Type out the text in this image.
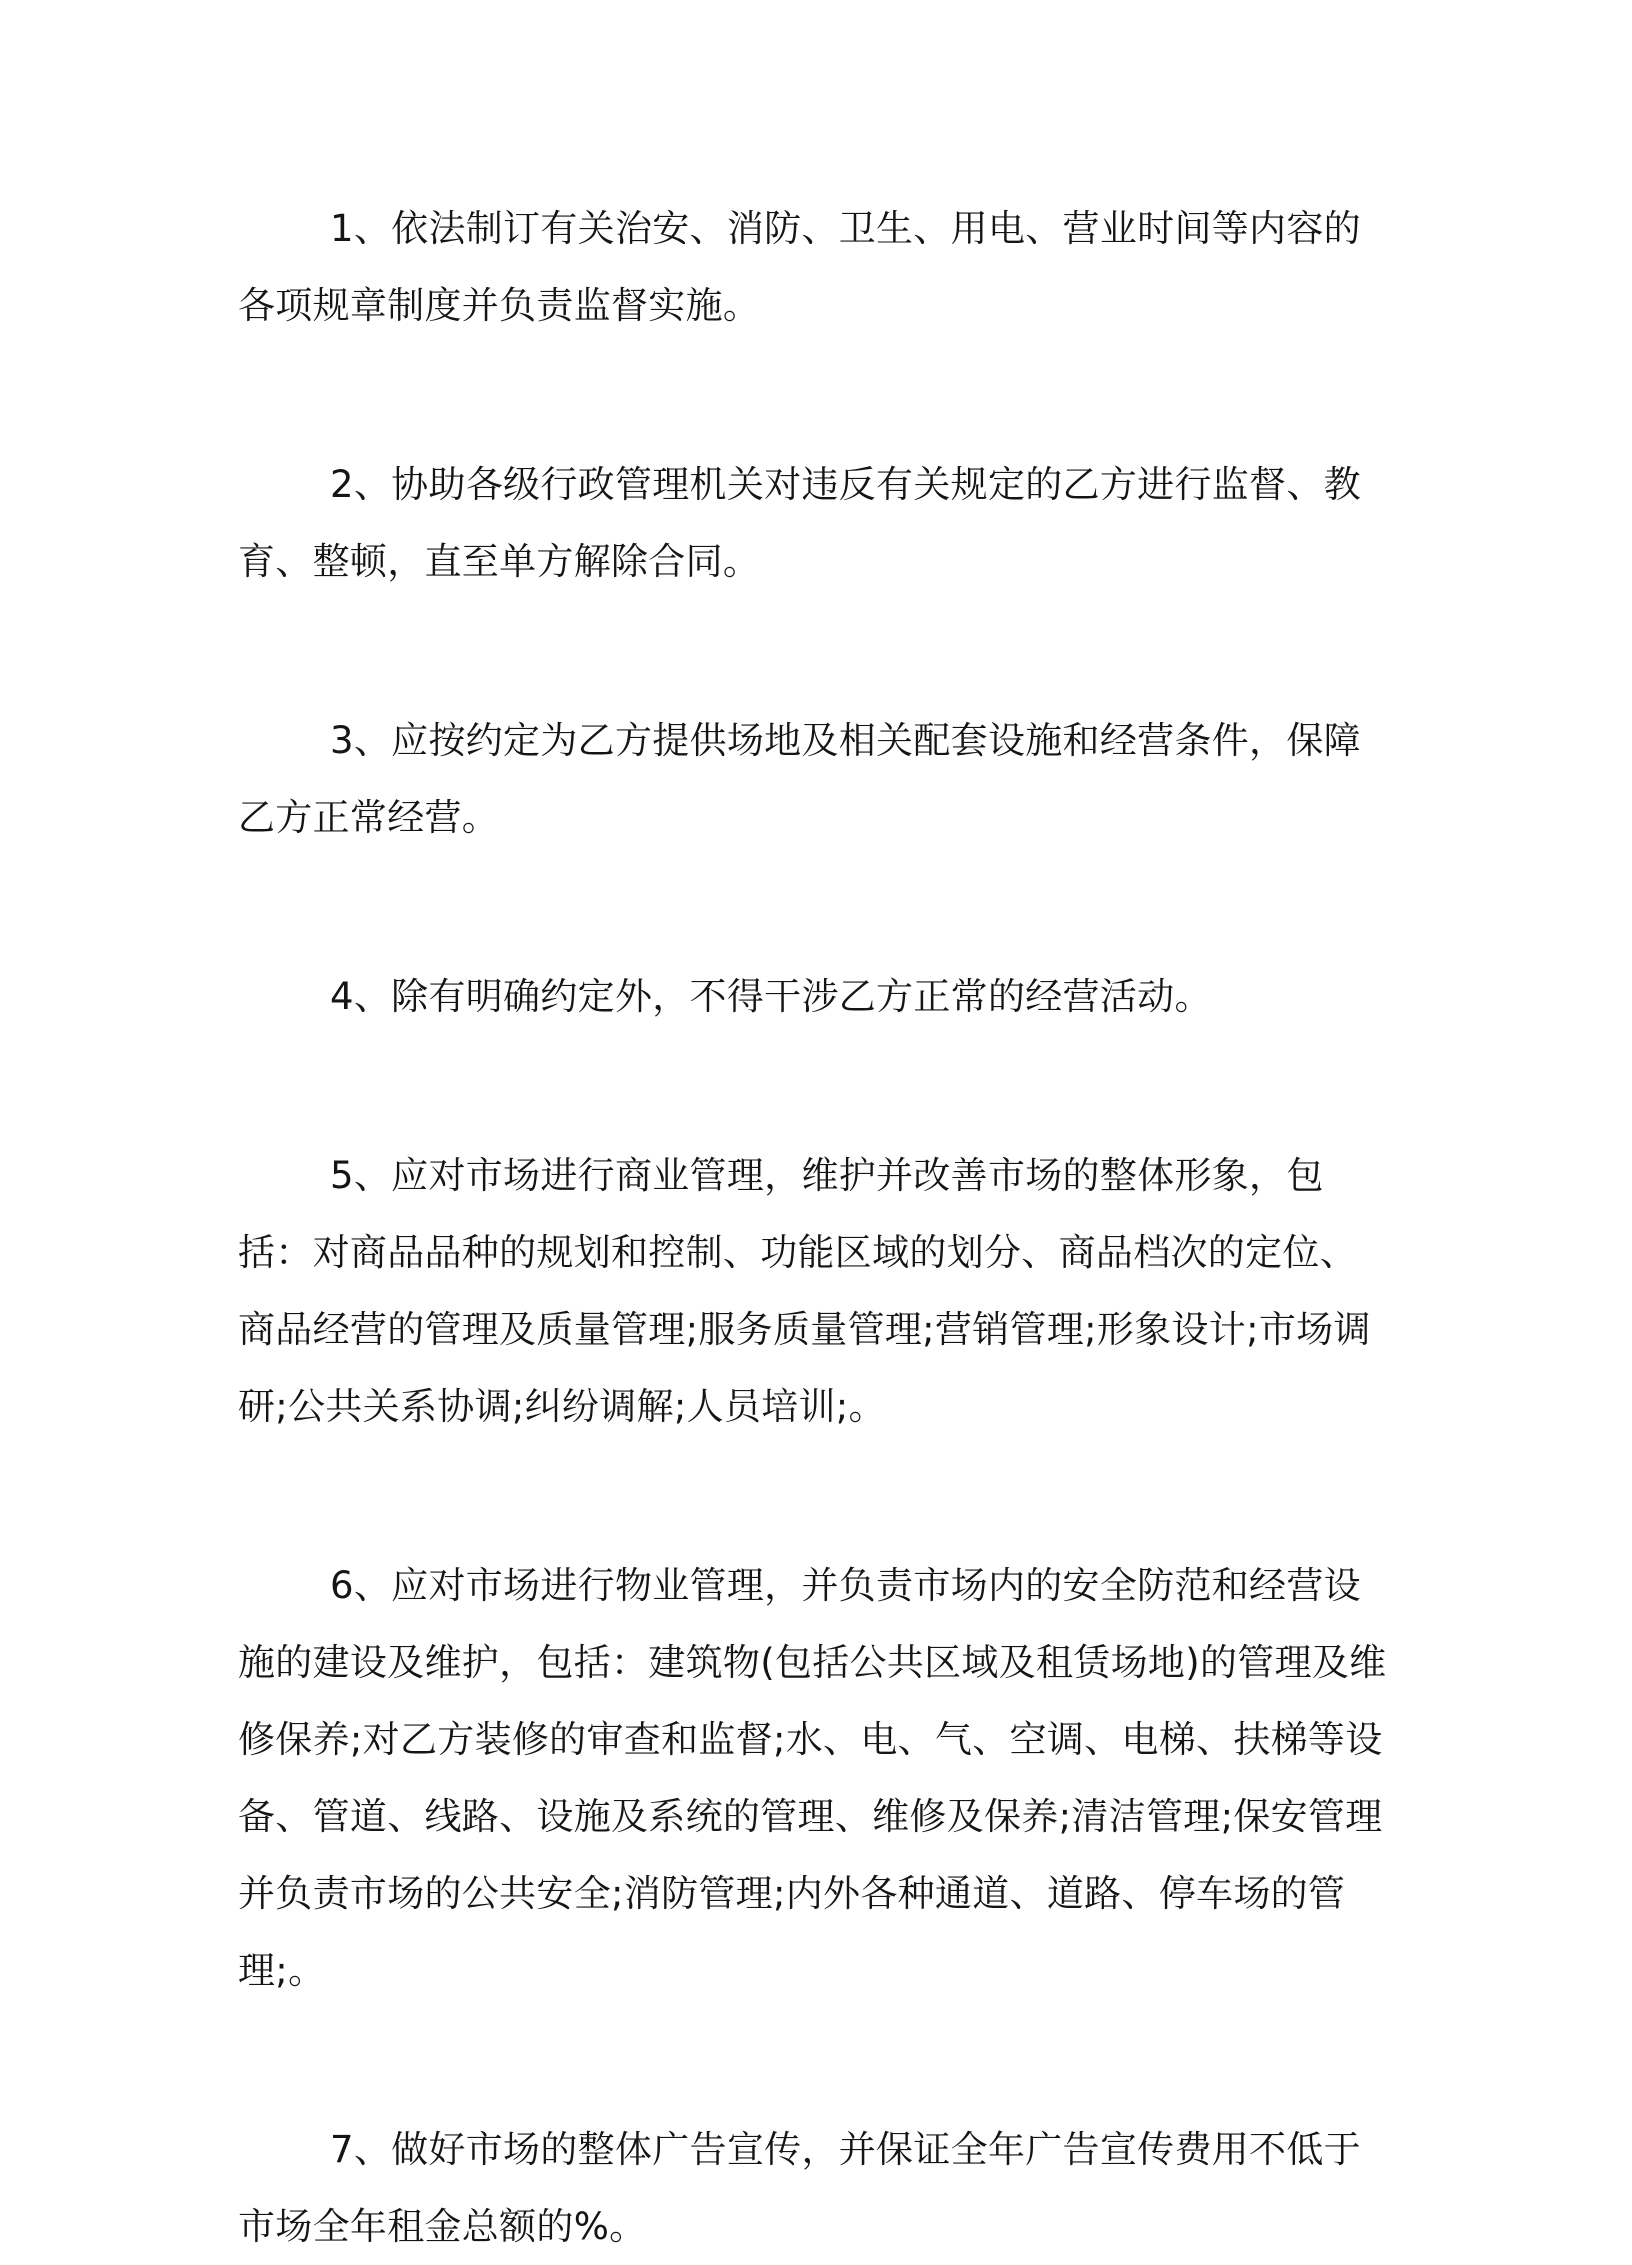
1、依法制订有关治安、消防、卫生、用电、营业时间等内容的各项规章制度并负责监督实施。

2、协助各级行政管理机关对违反有关规定的乙方进行监督、教育、整顿，直至单方解除合同。

3、应按约定为乙方提供场地及相关配套设施和经营条件，保障乙方正常经营。

4、除有明确约定外，不得干涉乙方正常的经营活动。

5、应对市场进行商业管理，维护并改善市场的整体形象，包括：对商品品种的规划和控制、功能区域的划分、商品档次的定位、商品经营的管理及质量管理;服务质量管理;营销管理;形象设计;市场调研;公共关系协调;纠纷调解;人员培训;。

6、应对市场进行物业管理，并负责市场内的安全防范和经营设施的建设及维护，包括：建筑物(包括公共区域及租赁场地)的管理及维修保养;对乙方装修的审查和监督;水、电、气、空调、电梯、扶梯等设备、管道、线路、设施及系统的管理、维修及保养;清洁管理;保安管理并负责市场的公共安全;消防管理;内外各种通道、道路、停车场的管理;。

7、做好市场的整体广告宣传，并保证全年广告宣传费用不低于市场全年租金总额的%。
